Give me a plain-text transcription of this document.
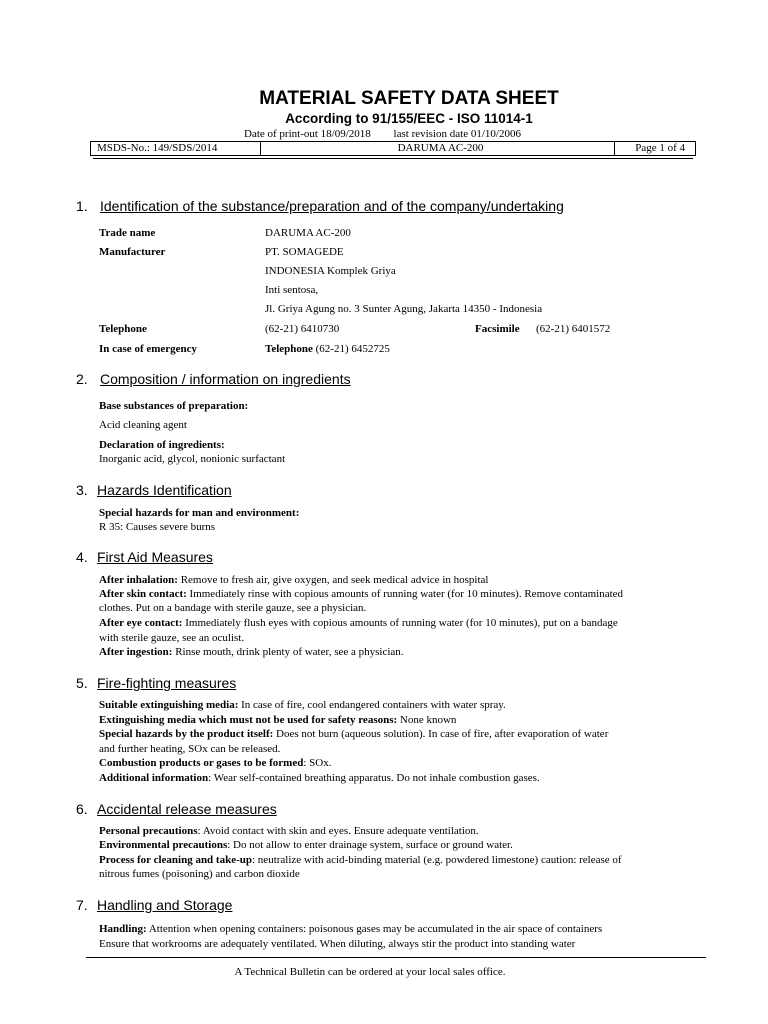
MATERIAL SAFETY DATA SHEET
According to 91/155/EEC - ISO 11014-1
Date of print-out 18/09/2018 last revision date 01/10/2006
MSDS-No.: 149/SDS/2014	DARUMA AC-200	Page 1 of 4
1. Identification of the substance/preparation and of the company/undertaking
Trade name	DARUMA AC-200
Manufacturer	PT. SOMAGEDE
INDONESIA Komplek Griya
Inti sentosa,
Jl. Griya Agung no. 3 Sunter Agung, Jakarta 14350 - Indonesia
Telephone	(62-21) 6410730	Facsimile (62-21) 6401572
In case of emergency	Telephone (62-21) 6452725
2. Composition / information on ingredients
Base substances of preparation:
Acid cleaning agent
Declaration of ingredients:
Inorganic acid, glycol, nonionic surfactant
3. Hazards Identification
Special hazards for man and environment:
R 35: Causes severe burns
4. First Aid Measures
After inhalation: Remove to fresh air, give oxygen, and seek medical advice in hospital
After skin contact: Immediately rinse with copious amounts of running water (for 10 minutes). Remove contaminated
clothes. Put on a bandage with sterile gauze, see a physician.
After eye contact: Immediately flush eyes with copious amounts of running water (for 10 minutes), put on a bandage
with sterile gauze, see an oculist.
After ingestion: Rinse mouth, drink plenty of water, see a physician.
5. Fire-fighting measures
Suitable extinguishing media: In case of fire, cool endangered containers with water spray.
Extinguishing media which must not be used for safety reasons: None known
Special hazards by the product itself: Does not burn (aqueous solution). In case of fire, after evaporation of water
and further heating, SOx can be released.
Combustion products or gases to be formed: SOx.
Additional information: Wear self-contained breathing apparatus. Do not inhale combustion gases.
6. Accidental release measures
Personal precautions: Avoid contact with skin and eyes. Ensure adequate ventilation.
Environmental precautions: Do not allow to enter drainage system, surface or ground water.
Process for cleaning and take-up: neutralize with acid-binding material (e.g. powdered limestone) caution: release of
nitrous fumes (poisoning) and carbon dioxide
7. Handling and Storage
Handling: Attention when opening containers: poisonous gases may be accumulated in the air space of containers
Ensure that workrooms are adequately ventilated. When diluting, always stir the product into standing water
A Technical Bulletin can be ordered at your local sales office.
